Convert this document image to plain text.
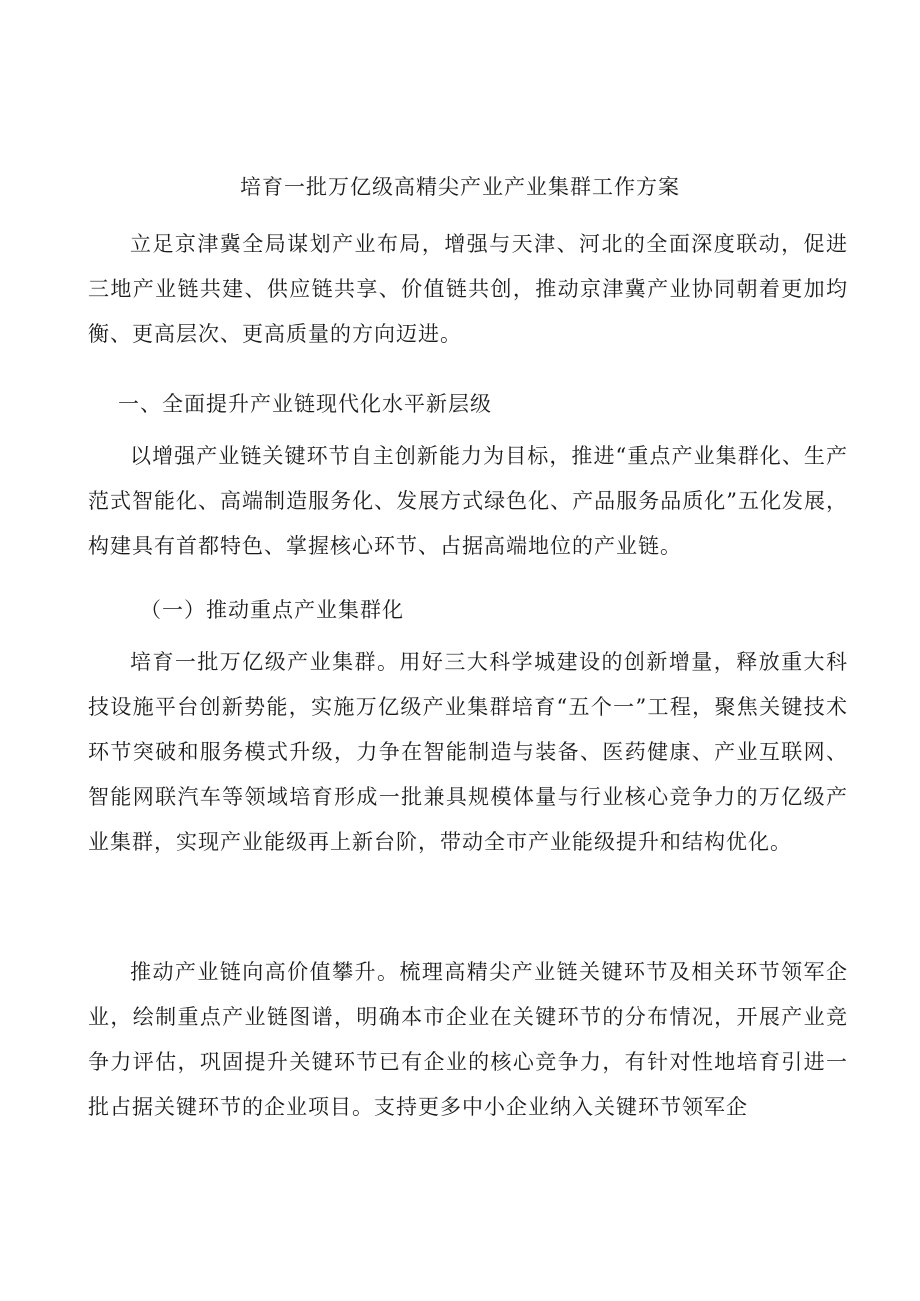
培育一批万亿级高精尖产业产业集群工作方案
立足京津冀全局谋划产业布局，增强与天津、河北的全面深度联动，促进三地产业链共建、供应链共享、价值链共创，推动京津冀产业协同朝着更加均衡、更高层次、更高质量的方向迈进。
一、全面提升产业链现代化水平新层级
以增强产业链关键环节自主创新能力为目标，推进“重点产业集群化、生产范式智能化、高端制造服务化、发展方式绿色化、产品服务品质化”五化发展，构建具有首都特色、掌握核心环节、占据高端地位的产业链。
（一）推动重点产业集群化
培育一批万亿级产业集群。用好三大科学城建设的创新增量，释放重大科技设施平台创新势能，实施万亿级产业集群培育“五个一”工程，聚焦关键技术环节突破和服务模式升级，力争在智能制造与装备、医药健康、产业互联网、智能网联汽车等领域培育形成一批兼具规模体量与行业核心竞争力的万亿级产业集群，实现产业能级再上新台阶，带动全市产业能级提升和结构优化。
推动产业链向高价值攀升。梳理高精尖产业链关键环节及相关环节领军企业，绘制重点产业链图谱，明确本市企业在关键环节的分布情况，开展产业竞争力评估，巩固提升关键环节已有企业的核心竞争力，有针对性地培育引进一批占据关键环节的企业项目。支持更多中小企业纳入关键环节领军企
